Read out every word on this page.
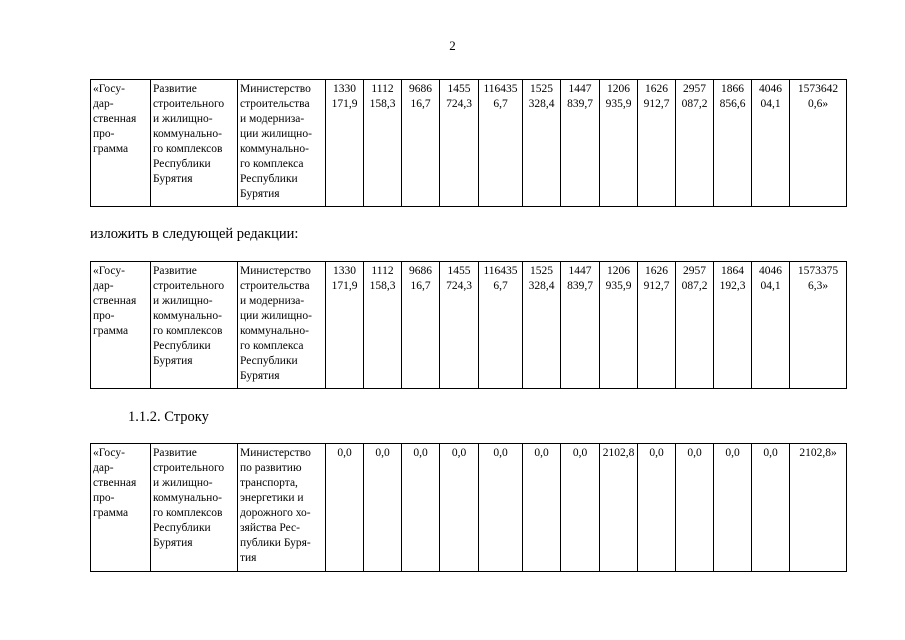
2
«Госу-
дар-
ственная
про-
грамма

Развитие
строительного
и жилищно-
коммунально-
го комплексов
Республики
Бурятия

Министерство
строительства
и модерниза-
ции жилищно-
коммунально-
го комплекса
Республики
Бурятия

1330
171,9

1112
158,3

9686
16,7

1455
724,3

116435
6,7

1525
328,4

1447
839,7

1206
935,9

1626
912,7

2957
087,2

1866
856,6

4046
04,1

1573642
0,6»
изложить в следующей редакции:
«Госу-
дар-
ственная
про-
грамма

Развитие
строительного
и жилищно-
коммунально-
го комплексов
Республики
Бурятия

Министерство
строительства
и модерниза-
ции жилищно-
коммунально-
го комплекса
Республики
Бурятия

1330
171,9

1112
158,3

9686
16,7

1455
724,3

116435
6,7

1525
328,4

1447
839,7

1206
935,9

1626
912,7

2957
087,2

1864
192,3

4046
04,1

1573375
6,3»
1.1.2. Строку
«Госу-
дар-
ственная
про-
грамма

Развитие
строительного
и жилищно-
коммунально-
го комплексов
Республики
Бурятия

Министерство
по развитию
транспорта,
энергетики и
дорожного хо-
зяйства Рес-
публики Буря-
тия

0,0	0,0	0,0	0,0	0,0	0,0	0,0	2102,8	0,0	0,0	0,0	0,0	2102,8»
